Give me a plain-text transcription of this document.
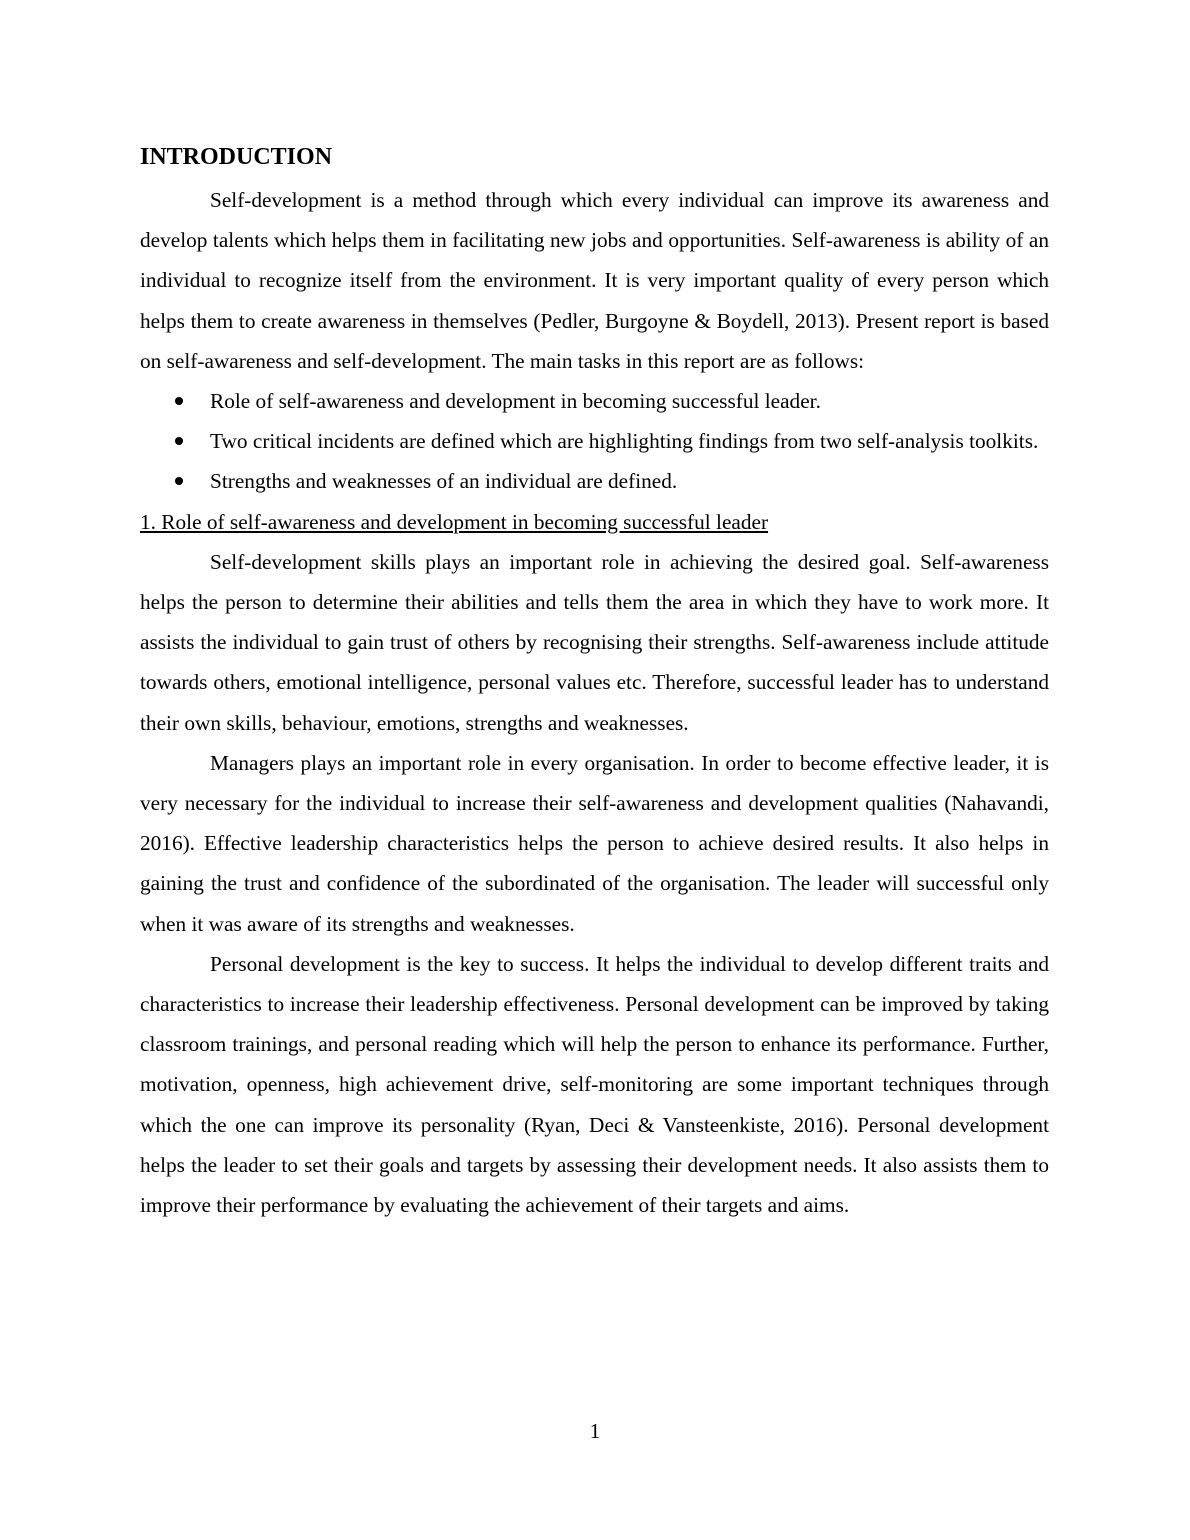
INTRODUCTION

Self-development is a method through which every individual can improve its awareness and develop talents which helps them in facilitating new jobs and opportunities. Self-awareness is ability of an individual to recognize itself from the environment. It is very important quality of every person which helps them to create awareness in themselves (Pedler, Burgoyne & Boydell, 2013). Present report is based on self-awareness and self-development. The main tasks in this report are as follows:

Role of self-awareness and development in becoming successful leader.
Two critical incidents are defined which are highlighting findings from two self-analysis toolkits.
Strengths and weaknesses of an individual are defined.

1. Role of self-awareness and development in becoming successful leader

Self-development skills plays an important role in achieving the desired goal. Self-awareness helps the person to determine their abilities and tells them the area in which they have to work more. It assists the individual to gain trust of others by recognising their strengths. Self-awareness include attitude towards others, emotional intelligence, personal values etc. Therefore, successful leader has to understand their own skills, behaviour, emotions, strengths and weaknesses.

Managers plays an important role in every organisation. In order to become effective leader, it is very necessary for the individual to increase their self-awareness and development qualities (Nahavandi, 2016). Effective leadership characteristics helps the person to achieve desired results. It also helps in gaining the trust and confidence of the subordinated of the organisation. The leader will successful only when it was aware of its strengths and weaknesses.

Personal development is the key to success. It helps the individual to develop different traits and characteristics to increase their leadership effectiveness. Personal development can be improved by taking classroom trainings, and personal reading which will help the person to enhance its performance. Further, motivation, openness, high achievement drive, self-monitoring are some important techniques through which the one can improve its personality (Ryan, Deci & Vansteenkiste, 2016). Personal development helps the leader to set their goals and targets by assessing their development needs. It also assists them to improve their performance by evaluating the achievement of their targets and aims.

1
